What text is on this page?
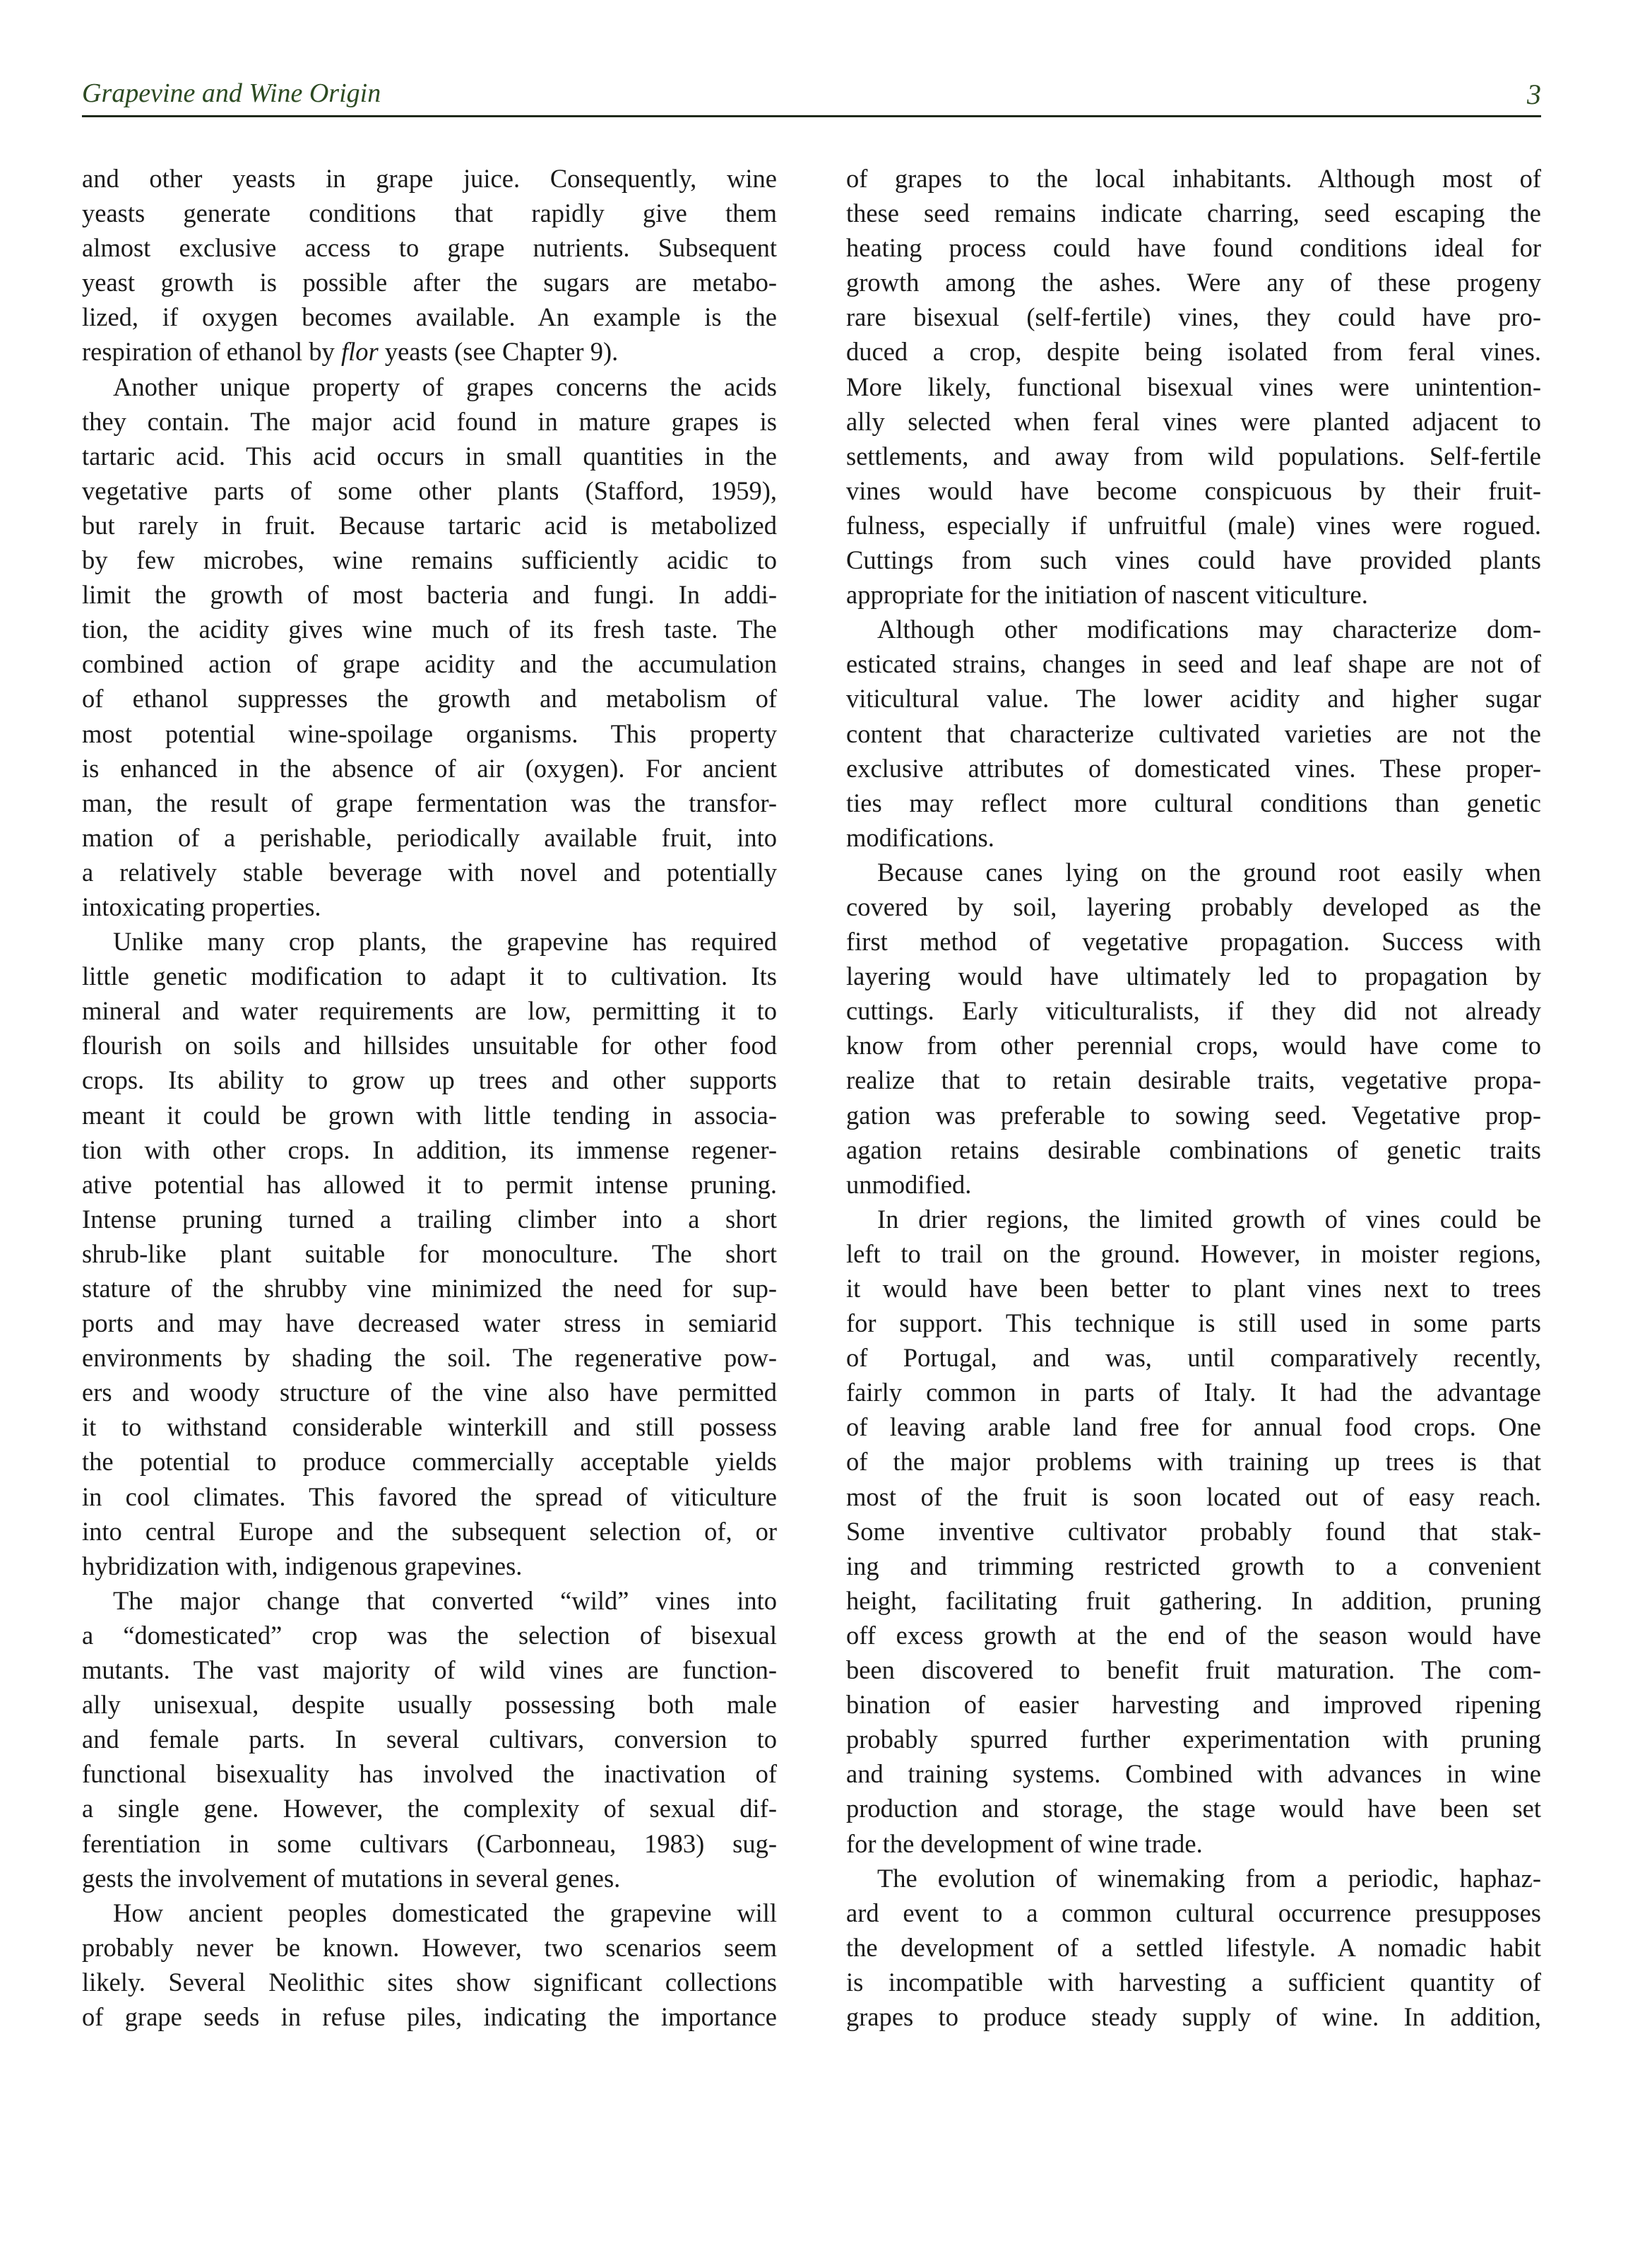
Grapevine and Wine Origin	3
and other yeasts in grape juice. Consequently, wine
yeasts generate conditions that rapidly give them
almost exclusive access to grape nutrients. Subsequent
yeast growth is possible after the sugars are metabo-
lized, if oxygen becomes available. An example is the
respiration of ethanol by flor yeasts (see Chapter 9).
Another unique property of grapes concerns the acids
they contain. The major acid found in mature grapes is
tartaric acid. This acid occurs in small quantities in the
vegetative parts of some other plants (Stafford, 1959),
but rarely in fruit. Because tartaric acid is metabolized
by few microbes, wine remains sufficiently acidic to
limit the growth of most bacteria and fungi. In addi-
tion, the acidity gives wine much of its fresh taste. The
combined action of grape acidity and the accumulation
of ethanol suppresses the growth and metabolism of
most potential wine-spoilage organisms. This property
is enhanced in the absence of air (oxygen). For ancient
man, the result of grape fermentation was the transfor-
mation of a perishable, periodically available fruit, into
a relatively stable beverage with novel and potentially
intoxicating properties.
Unlike many crop plants, the grapevine has required
little genetic modification to adapt it to cultivation. Its
mineral and water requirements are low, permitting it to
flourish on soils and hillsides unsuitable for other food
crops. Its ability to grow up trees and other supports
meant it could be grown with little tending in associa-
tion with other crops. In addition, its immense regener-
ative potential has allowed it to permit intense pruning.
Intense pruning turned a trailing climber into a short
shrub-like plant suitable for monoculture. The short
stature of the shrubby vine minimized the need for sup-
ports and may have decreased water stress in semiarid
environments by shading the soil. The regenerative pow-
ers and woody structure of the vine also have permitted
it to withstand considerable winterkill and still possess
the potential to produce commercially acceptable yields
in cool climates. This favored the spread of viticulture
into central Europe and the subsequent selection of, or
hybridization with, indigenous grapevines.
The major change that converted “wild” vines into
a “domesticated” crop was the selection of bisexual
mutants. The vast majority of wild vines are function-
ally unisexual, despite usually possessing both male
and female parts. In several cultivars, conversion to
functional bisexuality has involved the inactivation of
a single gene. However, the complexity of sexual dif-
ferentiation in some cultivars (Carbonneau, 1983) sug-
gests the involvement of mutations in several genes.
How ancient peoples domesticated the grapevine will
probably never be known. However, two scenarios seem
likely. Several Neolithic sites show significant collections
of grape seeds in refuse piles, indicating the importance
of grapes to the local inhabitants. Although most of
these seed remains indicate charring, seed escaping the
heating process could have found conditions ideal for
growth among the ashes. Were any of these progeny
rare bisexual (self-fertile) vines, they could have pro-
duced a crop, despite being isolated from feral vines.
More likely, functional bisexual vines were unintention-
ally selected when feral vines were planted adjacent to
settlements, and away from wild populations. Self-fertile
vines would have become conspicuous by their fruit-
fulness, especially if unfruitful (male) vines were rogued.
Cuttings from such vines could have provided plants
appropriate for the initiation of nascent viticulture.
Although other modifications may characterize dom-
esticated strains, changes in seed and leaf shape are not of
viticultural value. The lower acidity and higher sugar
content that characterize cultivated varieties are not the
exclusive attributes of domesticated vines. These proper-
ties may reflect more cultural conditions than genetic
modifications.
Because canes lying on the ground root easily when
covered by soil, layering probably developed as the
first method of vegetative propagation. Success with
layering would have ultimately led to propagation by
cuttings. Early viticulturalists, if they did not already
know from other perennial crops, would have come to
realize that to retain desirable traits, vegetative propa-
gation was preferable to sowing seed. Vegetative prop-
agation retains desirable combinations of genetic traits
unmodified.
In drier regions, the limited growth of vines could be
left to trail on the ground. However, in moister regions,
it would have been better to plant vines next to trees
for support. This technique is still used in some parts
of Portugal, and was, until comparatively recently,
fairly common in parts of Italy. It had the advantage
of leaving arable land free for annual food crops. One
of the major problems with training up trees is that
most of the fruit is soon located out of easy reach.
Some inventive cultivator probably found that stak-
ing and trimming restricted growth to a convenient
height, facilitating fruit gathering. In addition, pruning
off excess growth at the end of the season would have
been discovered to benefit fruit maturation. The com-
bination of easier harvesting and improved ripening
probably spurred further experimentation with pruning
and training systems. Combined with advances in wine
production and storage, the stage would have been set
for the development of wine trade.
The evolution of winemaking from a periodic, haphaz-
ard event to a common cultural occurrence presupposes
the development of a settled lifestyle. A nomadic habit
is incompatible with harvesting a sufficient quantity of
grapes to produce steady supply of wine. In addition,
